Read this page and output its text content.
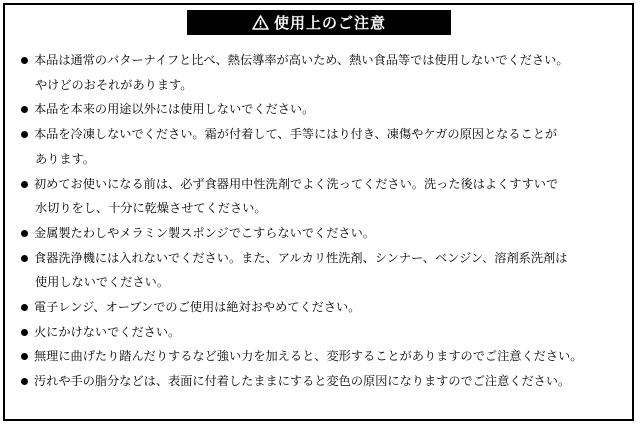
使用上のご注意
本品は通常のバターナイフと比べ、熱伝導率が高いため、熱い食品等では使用しないでください。
やけどのおそれがあります。
本品を本来の用途以外には使用しないでください。
本品を冷凍しないでください。霜が付着して、手等にはり付き、凍傷やケガの原因となることが
あります。
初めてお使いになる前は、必ず食器用中性洗剤でよく洗ってください。洗った後はよくすすいで
水切りをし、十分に乾燥させてください。
金属製たわしやメラミン製スポンジでこすらないでください。
食器洗浄機には入れないでください。また、アルカリ性洗剤、シンナー、ベンジン、溶剤系洗剤は
使用しないでください。
電子レンジ、オーブンでのご使用は絶対おやめてください。
火にかけないでください。
無理に曲げたり踏んだりするなど強い力を加えると、変形することがありますのでご注意ください。
汚れや手の脂分などは、表面に付着したままにすると変色の原因になりますのでご注意ください。
